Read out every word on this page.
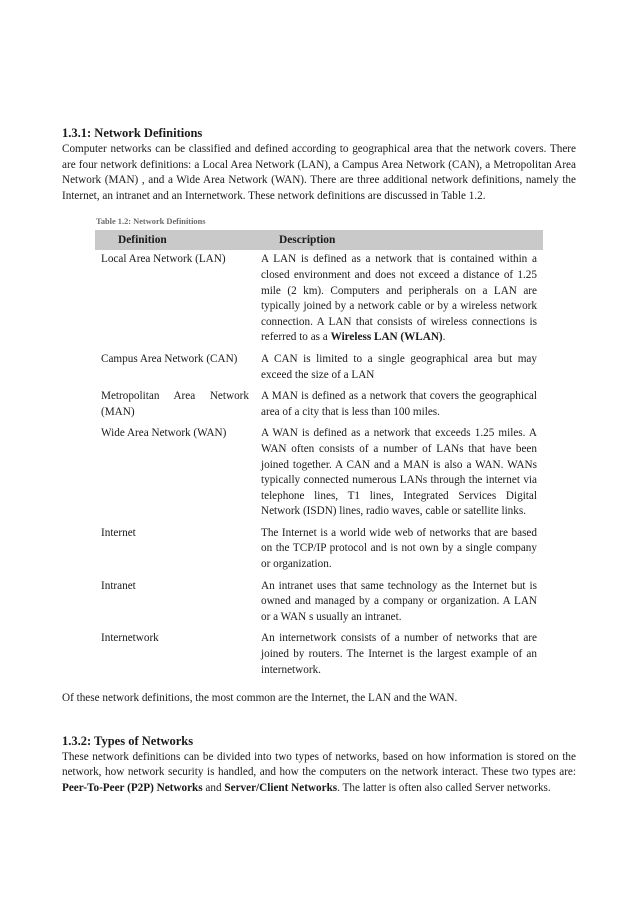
1.3.1: Network Definitions

Computer networks can be classified and defined according to geographical area that the network covers. There are four network definitions: a Local Area Network (LAN), a Campus Area Network (CAN), a Metropolitan Area Network (MAN) , and a Wide Area Network (WAN). There are three additional network definitions, namely the Internet, an intranet and an Internetwork. These network definitions are discussed in Table 1.2.

Table 1.2: Network Definitions
Definition	Description
Local Area Network (LAN)	A LAN is defined as a network that is contained within a closed environment and does not exceed a distance of 1.25 mile (2 km). Computers and peripherals on a LAN are typically joined by a network cable or by a wireless network connection. A LAN that consists of wireless connections is referred to as a Wireless LAN (WLAN).
Campus Area Network (CAN)	A CAN is limited to a single geographical area but may exceed the size of a LAN
Metropolitan Area Network (MAN)	A MAN is defined as a network that covers the geographical area of a city that is less than 100 miles.
Wide Area Network (WAN)	A WAN is defined as a network that exceeds 1.25 miles. A WAN often consists of a number of LANs that have been joined together. A CAN and a MAN is also a WAN. WANs typically connected numerous LANs through the internet via telephone lines, T1 lines, Integrated Services Digital Network (ISDN) lines, radio waves, cable or satellite links.
Internet	The Internet is a world wide web of networks that are based on the TCP/IP protocol and is not own by a single company or organization.
Intranet	An intranet uses that same technology as the Internet but is owned and managed by a company or organization. A LAN or a WAN s usually an intranet.
Internetwork	An internetwork consists of a number of networks that are joined by routers. The Internet is the largest example of an internetwork.

Of these network definitions, the most common are the Internet, the LAN and the WAN.

1.3.2: Types of Networks

These network definitions can be divided into two types of networks, based on how information is stored on the network, how network security is handled, and how the computers on the network interact. These two types are: Peer-To-Peer (P2P) Networks and Server/Client Networks. The latter is often also called Server networks.
